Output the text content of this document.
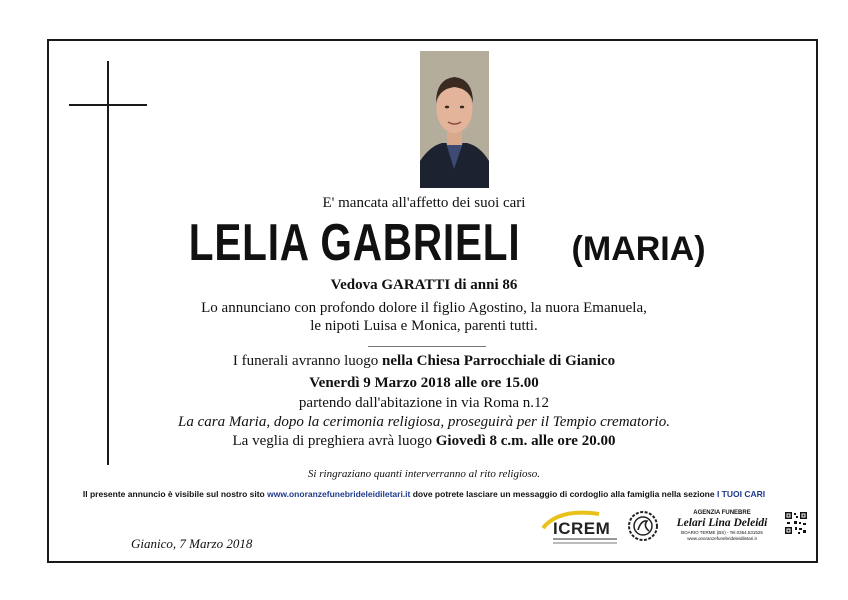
E' mancata all'affetto dei suoi cari
LELIA GABRIELI (MARIA)
Vedova GARATTI di anni 86
Lo annunciano con profondo dolore il figlio Agostino, la nuora Emanuela,
le nipoti Luisa e Monica, parenti tutti.
I funerali avranno luogo nella Chiesa Parrocchiale di Gianico
Venerdì 9 Marzo 2018 alle ore 15.00
partendo dall'abitazione in via Roma n.12
La cara Maria, dopo la cerimonia religiosa, proseguirà per il Tempio crematorio.
La veglia di preghiera avrà luogo Giovedì 8 c.m. alle ore 20.00
Si ringraziano quanti interverranno al rito religioso.
Il presente annuncio è visibile sul nostro sito www.onoranzefunebrideleidiletari.it dove potrete lasciare un messaggio di cordoglio alla famiglia nella sezione I TUOI CARI
Gianico, 7 Marzo 2018
ICREM
AGENZIA FUNEBRE
Lelari Lina Deleidi
BOARIO TERME (BS) - Tel.0364.531526
www.onoranzefunebrideleidiletari.it
